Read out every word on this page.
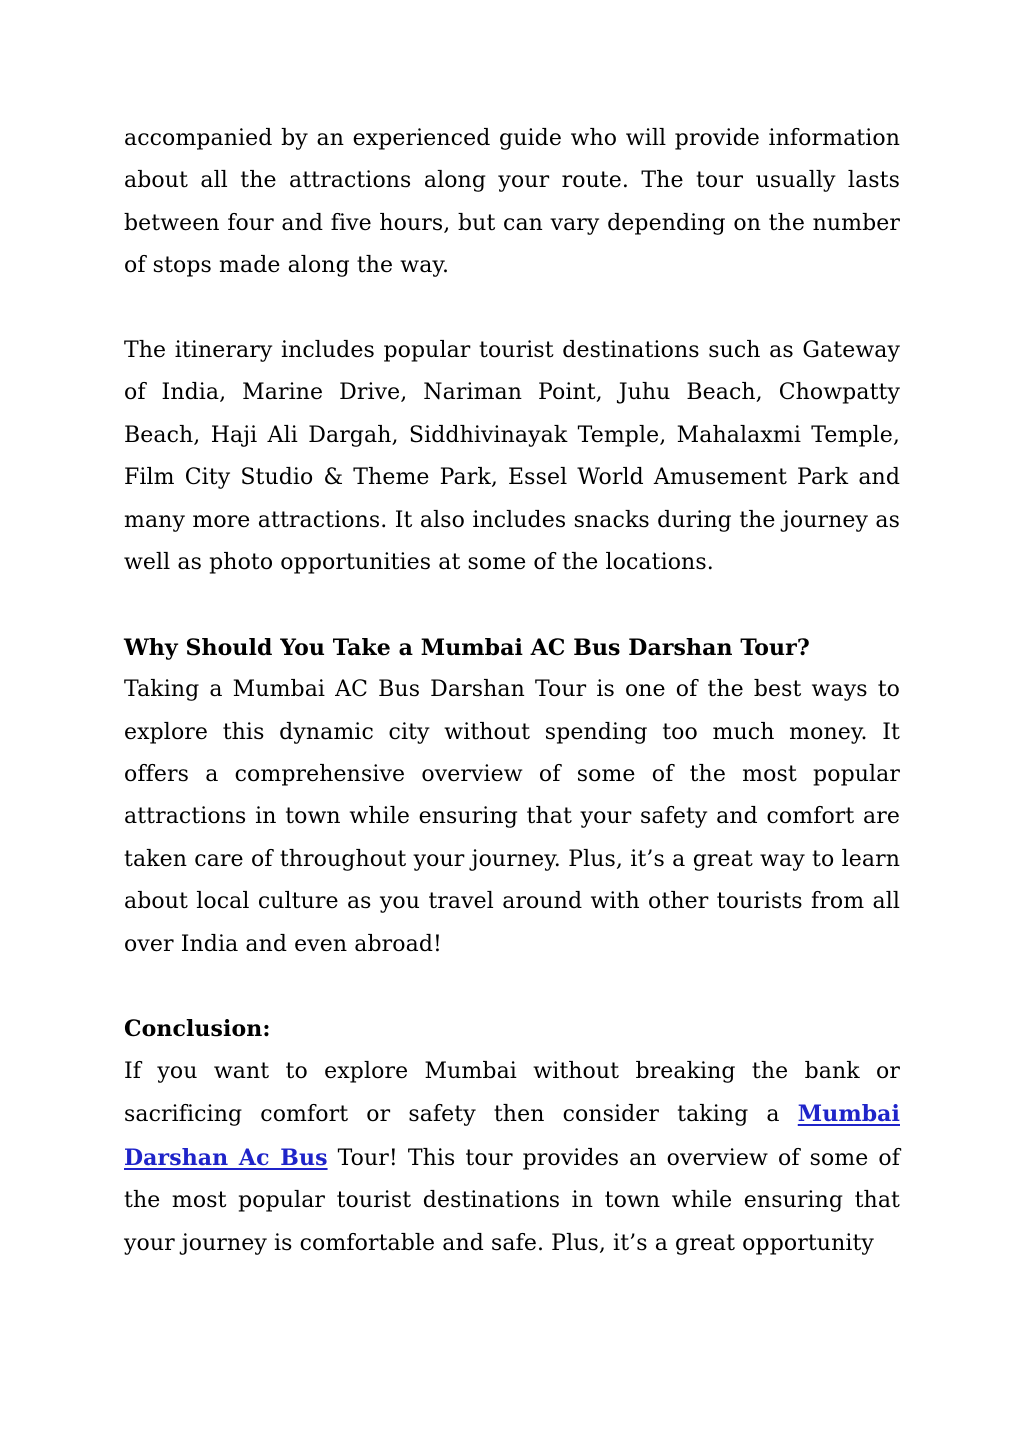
accompanied by an experienced guide who will provide information about all the attractions along your route. The tour usually lasts between four and five hours, but can vary depending on the number of stops made along the way.

The itinerary includes popular tourist destinations such as Gateway of India, Marine Drive, Nariman Point, Juhu Beach, Chowpatty Beach, Haji Ali Dargah, Siddhivinayak Temple, Mahalaxmi Temple, Film City Studio & Theme Park, Essel World Amusement Park and many more attractions. It also includes snacks during the journey as well as photo opportunities at some of the locations.

Why Should You Take a Mumbai AC Bus Darshan Tour?

Taking a Mumbai AC Bus Darshan Tour is one of the best ways to explore this dynamic city without spending too much money. It offers a comprehensive overview of some of the most popular attractions in town while ensuring that your safety and comfort are taken care of throughout your journey. Plus, it’s a great way to learn about local culture as you travel around with other tourists from all over India and even abroad!

Conclusion:

If you want to explore Mumbai without breaking the bank or sacrificing comfort or safety then consider taking a Mumbai Darshan Ac Bus Tour! This tour provides an overview of some of the most popular tourist destinations in town while ensuring that your journey is comfortable and safe. Plus, it’s a great opportunity
